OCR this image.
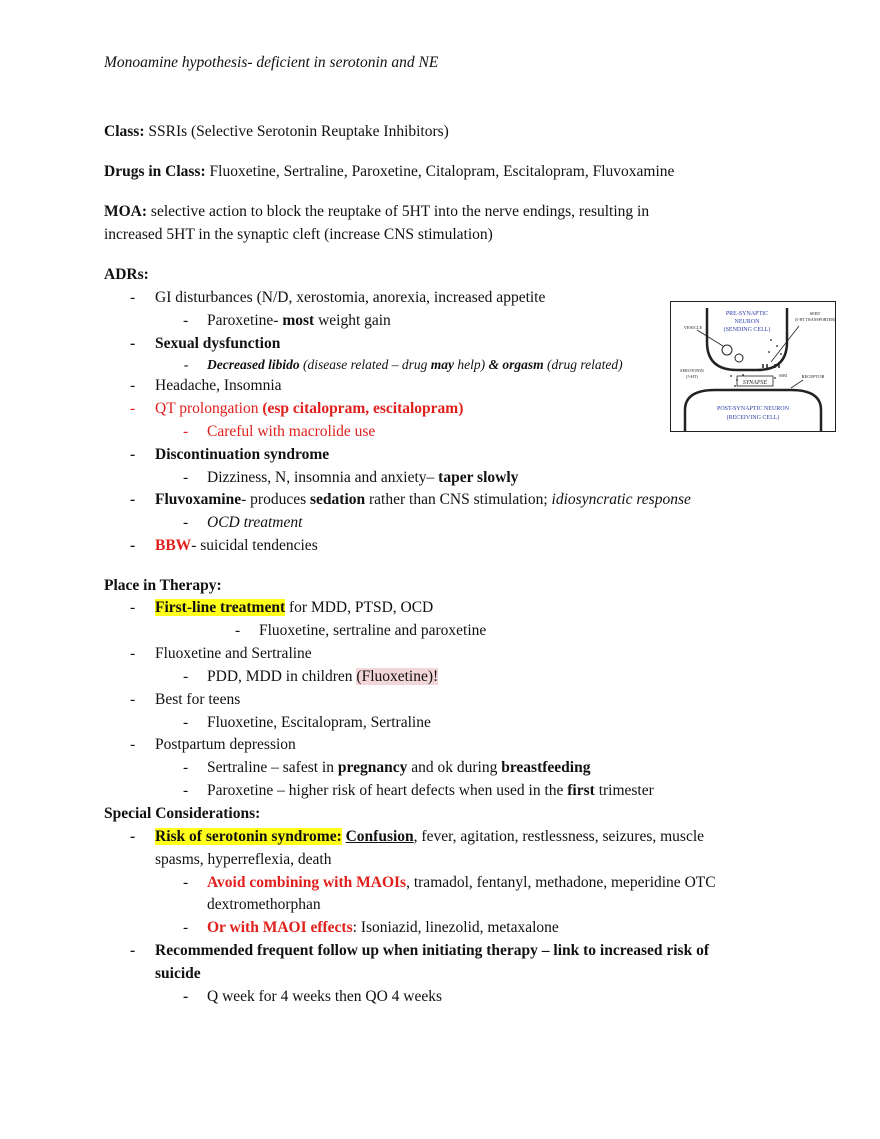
Monoamine hypothesis- deficient in serotonin and NE
Class: SSRIs (Selective Serotonin Reuptake Inhibitors)
Drugs in Class: Fluoxetine, Sertraline, Paroxetine, Citalopram, Escitalopram, Fluvoxamine
MOA: selective action to block the reuptake of 5HT into the nerve endings, resulting in
increased 5HT in the synaptic cleft (increase CNS stimulation)
ADRs:
- GI disturbances (N/D, xerostomia, anorexia, increased appetite
- Paroxetine- most weight gain
- Sexual dysfunction
- Decreased libido (disease related – drug may help) & orgasm (drug related)
- Headache, Insomnia
- QT prolongation (esp citalopram, escitalopram)
- Careful with macrolide use
- Discontinuation syndrome
- Dizziness, N, insomnia and anxiety– taper slowly
- Fluvoxamine- produces sedation rather than CNS stimulation; idiosyncratic response
- OCD treatment
- BBW- suicidal tendencies
Place in Therapy:
- First-line treatment for MDD, PTSD, OCD
- Fluoxetine, sertraline and paroxetine
- Fluoxetine and Sertraline
- PDD, MDD in children (Fluoxetine)!
- Best for teens
- Fluoxetine, Escitalopram, Sertraline
- Postpartum depression
- Sertraline – safest in pregnancy and ok during breastfeeding
- Paroxetine – higher risk of heart defects when used in the first trimester
Special Considerations:
- Risk of serotonin syndrome: Confusion, fever, agitation, restlessness, seizures, muscle
spasms, hyperreflexia, death
- Avoid combining with MAOIs, tramadol, fentanyl, methadone, meperidine OTC
dextromethorphan
- Or with MAOI effects: Isoniazid, linezolid, metaxalone
- Recommended frequent follow up when initiating therapy – link to increased risk of
suicide
- Q week for 4 weeks then QO 4 weeks
PRE-SYNAPTIC
NEURON
(SENDING CELL)
SERT
(5-HT TRANSPORTER)
VESICLE
SEROTONIN
(5-HT)	SSRI
SYNAPSE
RECEPTOR
POST-SYNAPTIC NEURON
(RECEIVING CELL)
